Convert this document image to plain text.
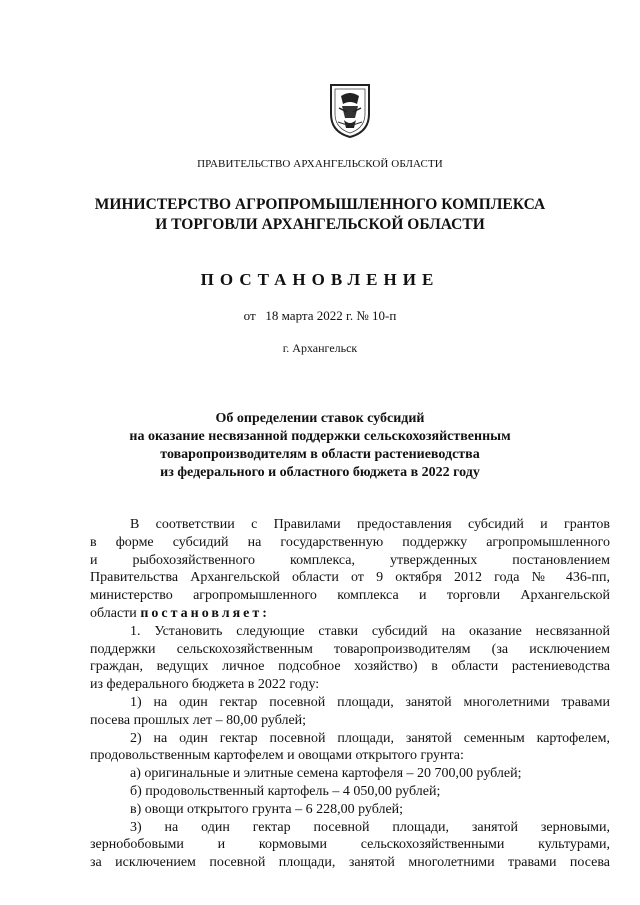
ПРАВИТЕЛЬСТВО АРХАНГЕЛЬСКОЙ ОБЛАСТИ
МИНИСТЕРСТВО АГРОПРОМЫШЛЕННОГО КОМПЛЕКСА
И ТОРГОВЛИ АРХАНГЕЛЬСКОЙ ОБЛАСТИ
ПОСТАНОВЛЕНИЕ
от   18 марта 2022 г. № 10-п
г. Архангельск
Об определении ставок субсидий
на оказание несвязанной поддержки сельскохозяйственным
товаропроизводителям в области растениеводства
из федерального и областного бюджета в 2022 году
В соответствии с Правилами предоставления субсидий и грантов
в форме субсидий на государственную поддержку агропромышленного
и рыбохозяйственного комплекса, утвержденных постановлением
Правительства Архангельской области от 9 октября 2012 года № 436-пп,
министерство агропромышленного комплекса и торговли Архангельской
области постановляет:
1. Установить следующие ставки субсидий на оказание несвязанной
поддержки сельскохозяйственным товаропроизводителям (за исключением
граждан, ведущих личное подсобное хозяйство) в области растениеводства
из федерального бюджета в 2022 году:
1) на один гектар посевной площади, занятой многолетними травами
посева прошлых лет – 80,00 рублей;
2) на один гектар посевной площади, занятой семенным картофелем,
продовольственным картофелем и овощами открытого грунта:
а) оригинальные и элитные семена картофеля – 20 700,00 рублей;
б) продовольственный картофель – 4 050,00 рублей;
в) овощи открытого грунта – 6 228,00 рублей;
3) на один гектар посевной площади, занятой зерновыми,
зернобобовыми и кормовыми сельскохозяйственными культурами,
за исключением посевной площади, занятой многолетними травами посева
